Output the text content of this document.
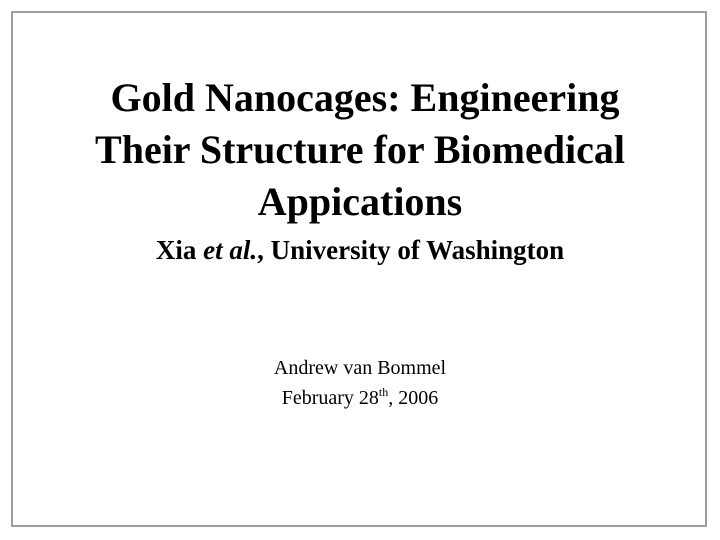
Gold Nanocages: Engineering
Their Structure for Biomedical
Appications
Xia et al., University of Washington
Andrew van Bommel
February 28th, 2006
